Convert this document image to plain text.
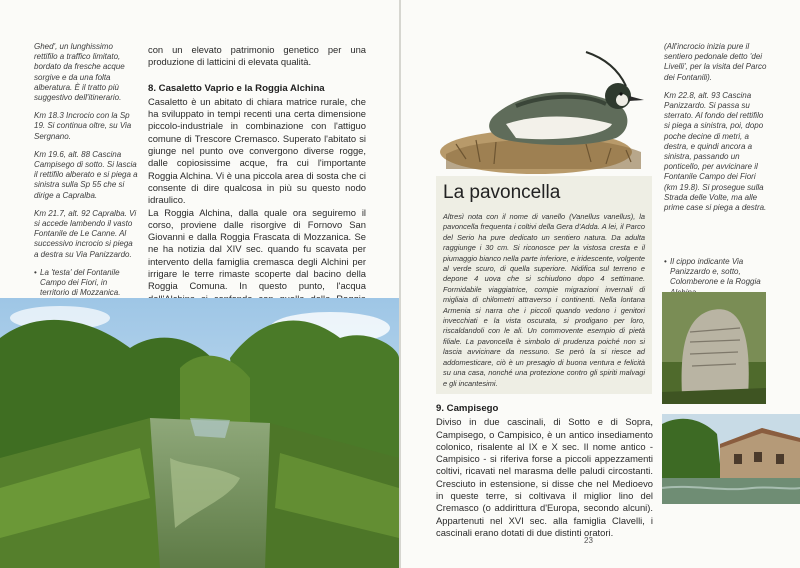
Ghed', un lunghissimo rettifilo a traffico limitato, bordato da fresche acque sorgive e da una folta alberatura. È il tratto più suggestivo dell'itinerario.

Km 18.3 Incrocio con la Sp 19. Si continua oltre, su Via Sergnano.

Km 19.6, alt. 88 Cascina Campisego di sotto. Si lascia il rettifilo alberato e si piega a sinistra sulla Sp 55 che si dirige a Capralba.

Km 21.7, alt. 92 Capralba. Vi si accede lambendo il vasto Fontanile de Le Canne. Al successivo incrocio si piega a destra su Via Panizzardo.

• La 'testa' del Fontanile Campo dei Fiori, in territorio di Mozzanica.

con un elevato patrimonio genetico per una produzione di latticini di elevata qualità.

8. Casaletto Vaprio e la Roggia Alchina

Casaletto è un abitato di chiara matrice rurale, che ha sviluppato in tempi recenti una certa dimensione piccolo-industriale in combinazione con l'attiguo comune di Trescore Cremasco. Superato l'abitato si giunge nel punto ove convergono diverse rogge, dalle copiosissime acque, fra cui l'importante Roggia Alchina. Vi è una piccola area di sosta che ci consente di dire qualcosa in più su questo nodo idraulico.

La Roggia Alchina, dalla quale ora seguiremo il corso, proviene dalle risorgive di Fornovo San Giovanni e dalla Roggia Frascata di Mozzanica. Se ne ha notizia dal XIV sec. quando fu scavata per intervento della famiglia cremasca degli Alchini per irrigare le terre rimaste scoperte dal bacino della Roggia Comuna. In questo punto, l'acqua

(All'incrocio inizia pure il sentiero pedonale detto 'dei Livelli', per la visita del Parco dei Fontanili).

Km 22.8, alt. 93 Cascina Panizzardo. Si passa su sterrato. Al fondo del rettifilo si piega a sinistra, poi, dopo poche decine di metri, a destra, e quindi ancora a sinistra, passando un ponticello, per avvicinare il Fontanile Campo dei Fiori (km 19.8). Si prosegue sulla Strada delle Volte, ma alle prime case si piega a destra.

• Il cippo indicante Via Panizzardo e, sotto, Colomberone e la Roggia

La pavoncella

Altresì nota con il nome di vanello (Vanellus vanellus), la pavoncella frequenta i coltivi della Gera d'Adda. A lei, il Parco del Serio ha pure dedicato un sentiero natura. Da adulta raggiunge i 30 cm. Si riconosce per la vistosa cresta e il piumaggio bianco nella parte inferiore, e iridescente, volgente al verde scuro, di quella superiore. Nidifica sul terreno e depone 4 uova che si schiudono dopo 4 settimane. Formidabile viaggiatrice, compie migrazioni invernali di migliaia di chilometri attraverso i continenti. Nella lontana Armenia si narra che i piccoli quando vedono i genitori invecchiati e la vista oscurata, si prodigano per loro, riscaldandoli con le ali. Un commovente esempio di pietà filiale. La pavoncella è simbolo di prudenza poiché non si lascia avvicinare da nessuno. Se però la si riesce ad addomesticare, ciò è un presagio di buona ventura e felicità su una casa, nonché una protezione contro gli spiriti malvagi e gli incantesimi.

9. Campisego

Diviso in due cascinali, di Sotto e di Sopra, Campisego, o Campisico, è un antico insediamento colonico, risalente al IX e X sec. Il nome antico - Campisico - si riferiva forse a piccoli appezzamenti coltivi, ricavati nel marasma delle paludi circostanti. Cresciuto in estensione, si disse che nel Medioevo in queste terre, si coltivava il miglior lino del Cremasco (o addirittura d'Europa, secondo alcuni). Appartenuti nel XVI sec. alla famiglia Clavelli, i cascinali erano dotati di due distinti oratori.

23
